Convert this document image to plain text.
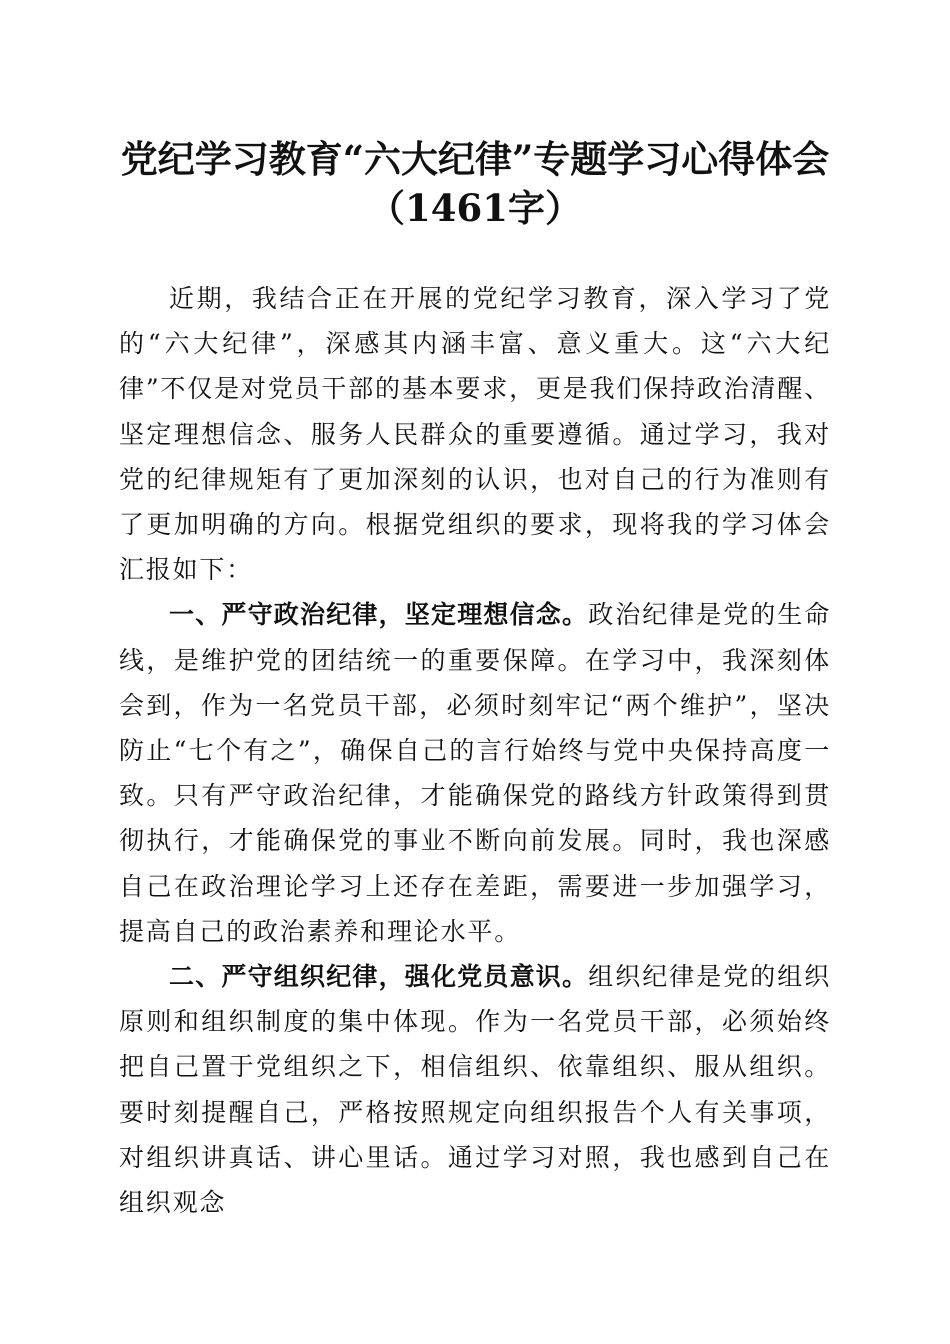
党纪学习教育“六大纪律”专题学习心得体会
（1461字）

近期，我结合正在开展的党纪学习教育，深入学习了党的“六大纪律”，深感其内涵丰富、意义重大。这“六大纪律”不仅是对党员干部的基本要求，更是我们保持政治清醒、坚定理想信念、服务人民群众的重要遵循。通过学习，我对党的纪律规矩有了更加深刻的认识，也对自己的行为准则有了更加明确的方向。根据党组织的要求，现将我的学习体会汇报如下：

一、严守政治纪律，坚定理想信念。政治纪律是党的生命线，是维护党的团结统一的重要保障。在学习中，我深刻体会到，作为一名党员干部，必须时刻牢记“两个维护”，坚决防止“七个有之”，确保自己的言行始终与党中央保持高度一致。只有严守政治纪律，才能确保党的路线方针政策得到贯彻执行，才能确保党的事业不断向前发展。同时，我也深感自己在政治理论学习上还存在差距，需要进一步加强学习，提高自己的政治素养和理论水平。

二、严守组织纪律，强化党员意识。组织纪律是党的组织原则和组织制度的集中体现。作为一名党员干部，必须始终把自己置于党组织之下，相信组织、依靠组织、服从组织。要时刻提醒自己，严格按照规定向组织报告个人有关事项，对组织讲真话、讲心里话。通过学习对照，我也感到自己在组织观念
